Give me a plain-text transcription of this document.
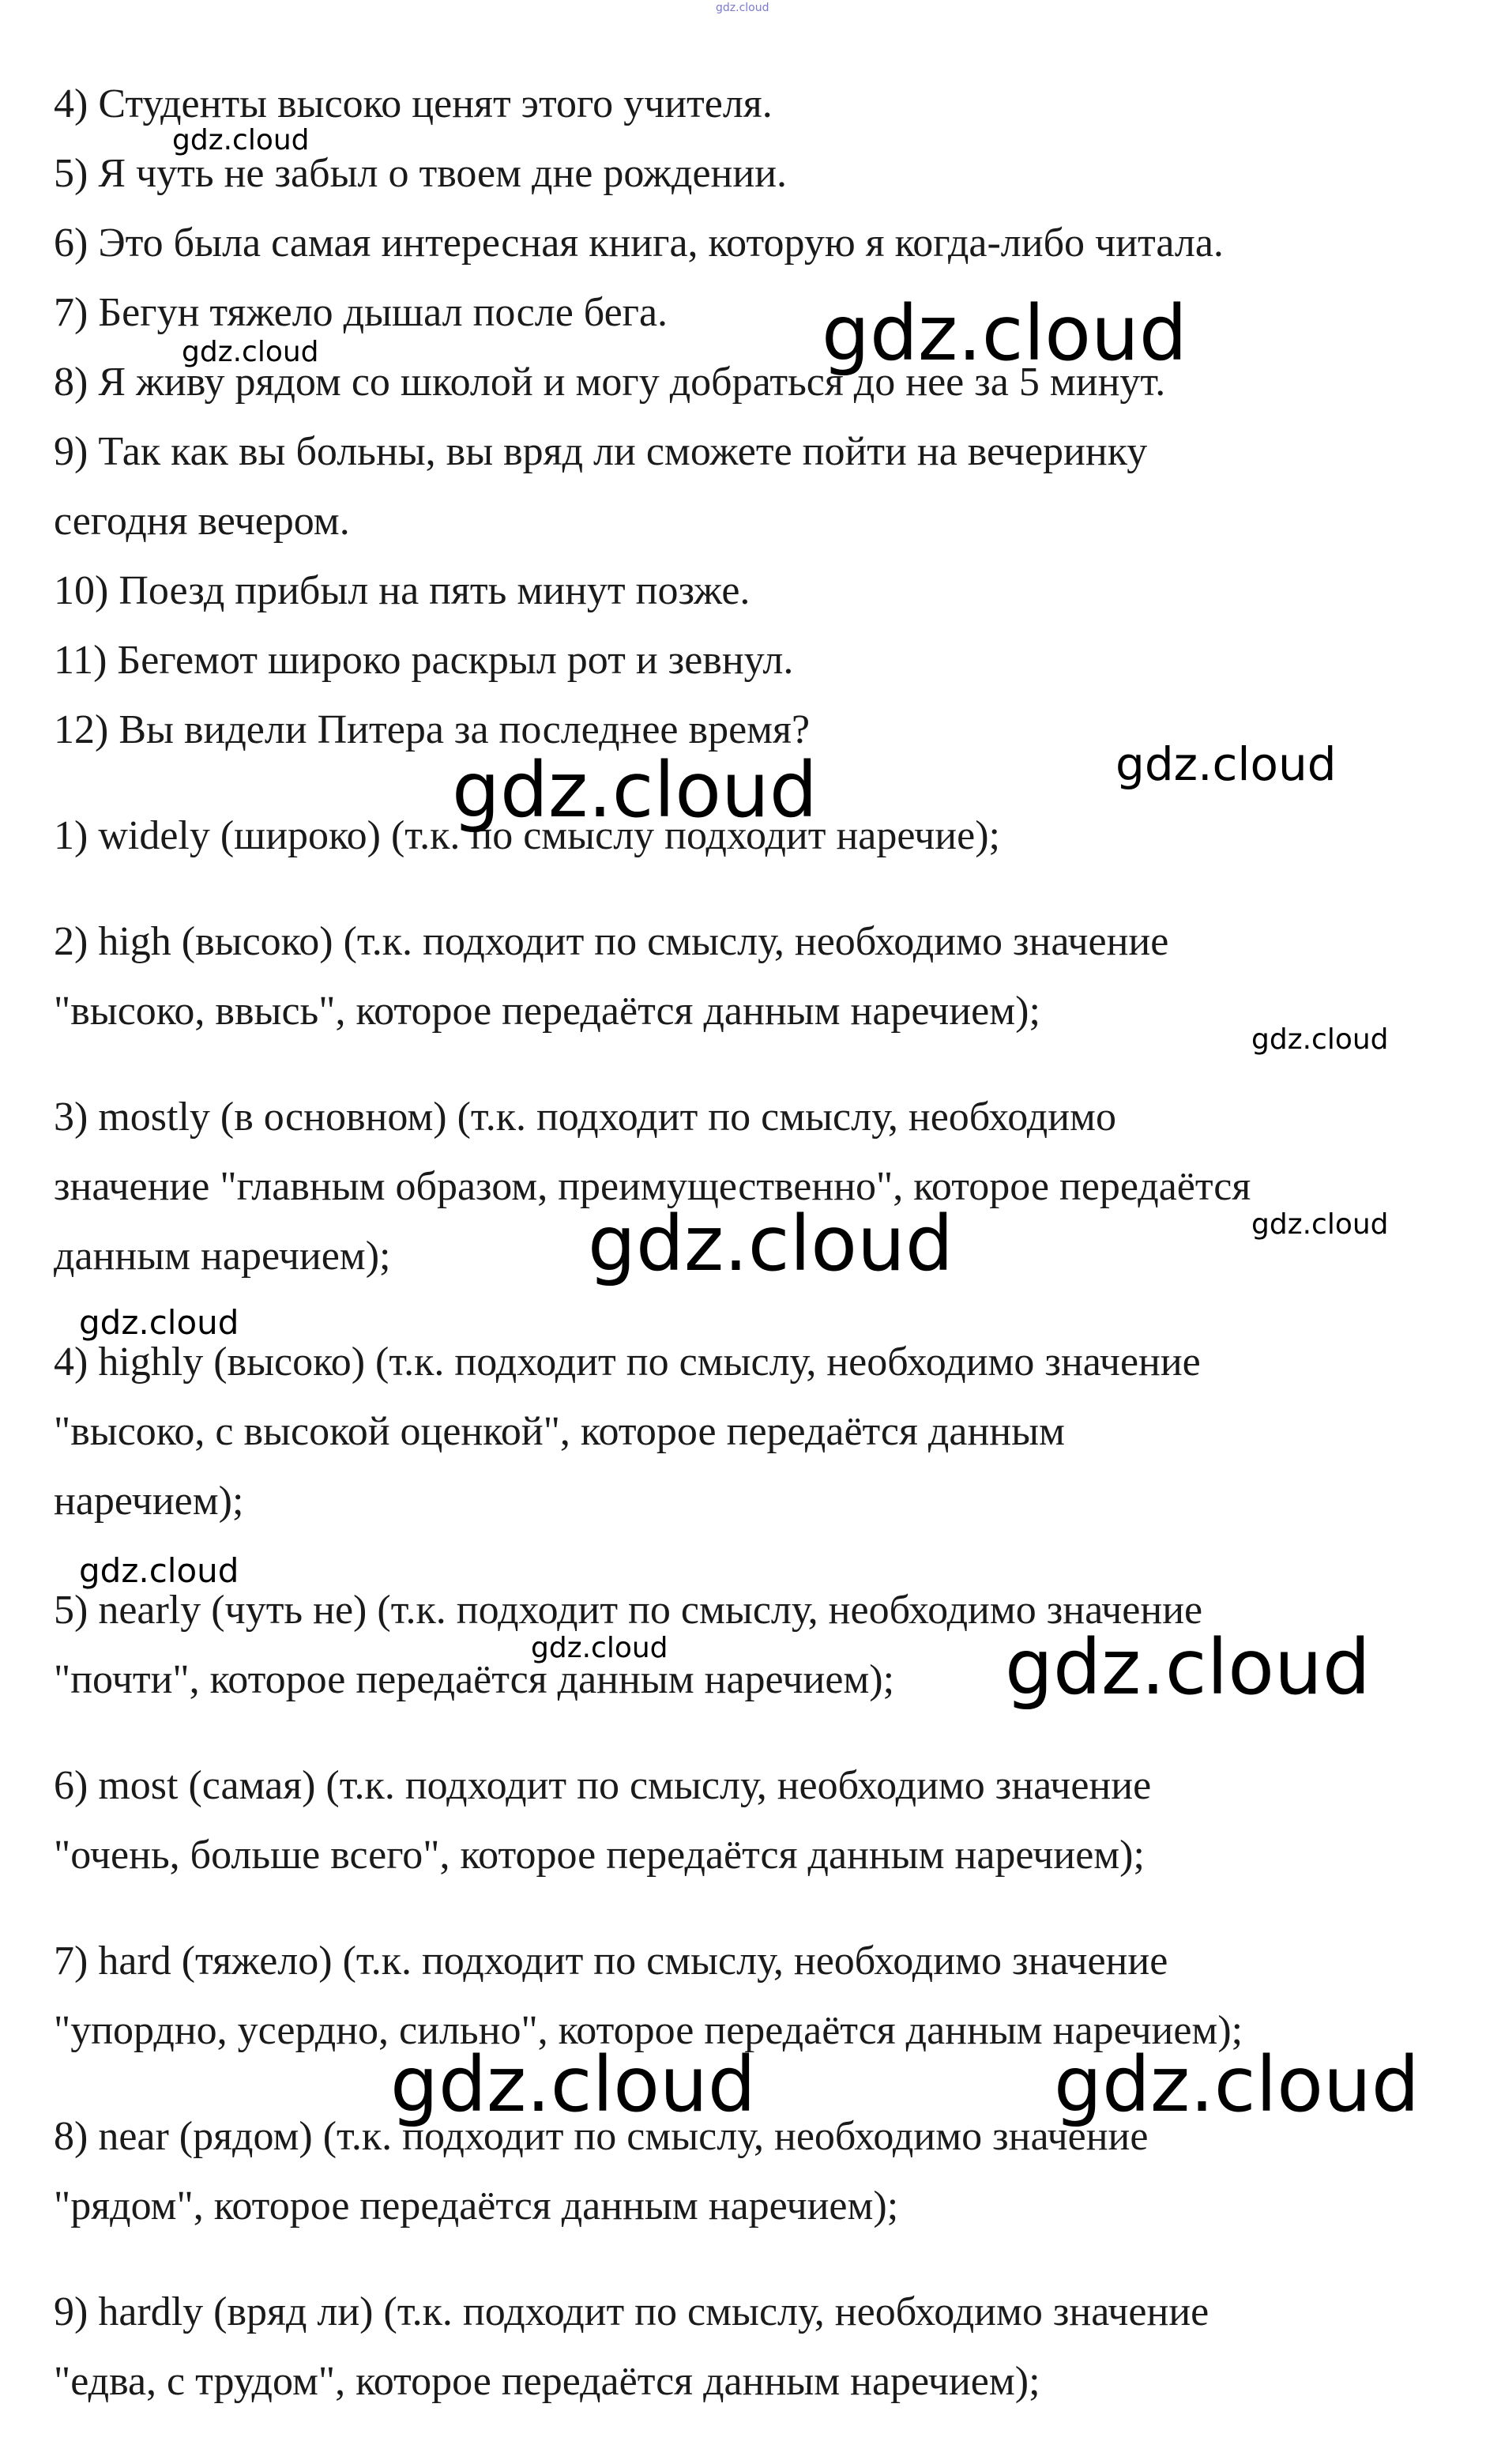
4) Студенты высоко ценят этого учителя.

5) Я чуть не забыл о твоем дне рождении.

6) Это была самая интересная книга, которую я когда-либо читала.

7) Бегун тяжело дышал после бега.

8) Я живу рядом со школой и могу добраться до нее за 5 минут.

9) Так как вы больны, вы вряд ли сможете пойти на вечеринку

сегодня вечером.

10) Поезд прибыл на пять минут позже.

11) Бегемот широко раскрыл рот и зевнул.

12) Вы видели Питера за последнее время?

1) widely (широко) (т.к. по смыслу подходит наречие);

2) high (высоко) (т.к. подходит по смыслу, необходимо значение

"высоко, ввысь", которое передаётся данным наречием);

3) mostly (в основном) (т.к. подходит по смыслу, необходимо

значение "главным образом, преимущественно", которое передаётся

данным наречием);

4) highly (высоко) (т.к. подходит по смыслу, необходимо значение

"высоко, с высокой оценкой", которое передаётся данным

наречием);

5) nearly (чуть не) (т.к. подходит по смыслу, необходимо значение

"почти", которое передаётся данным наречием);

6) most (самая) (т.к. подходит по смыслу, необходимо значение

"очень, больше всего", которое передаётся данным наречием);

7) hard (тяжело) (т.к. подходит по смыслу, необходимо значение

"упордно, усердно, сильно", которое передаётся данным наречием);

8) near (рядом) (т.к. подходит по смыслу, необходимо значение

"рядом", которое передаётся данным наречием);

9) hardly (вряд ли) (т.к. подходит по смыслу, необходимо значение

"едва, с трудом", которое передаётся данным наречием);

gdz.cloud
gdz.cloud
gdz.cloud	gdz.cloud
gdz.cloud	gdz.cloud
gdz.cloud
gdz.cloud
gdz.cloud
gdz.cloud
gdz.cloud
gdz.cloud	gdz.cloud
gdz.cloud	gdz.cloud
